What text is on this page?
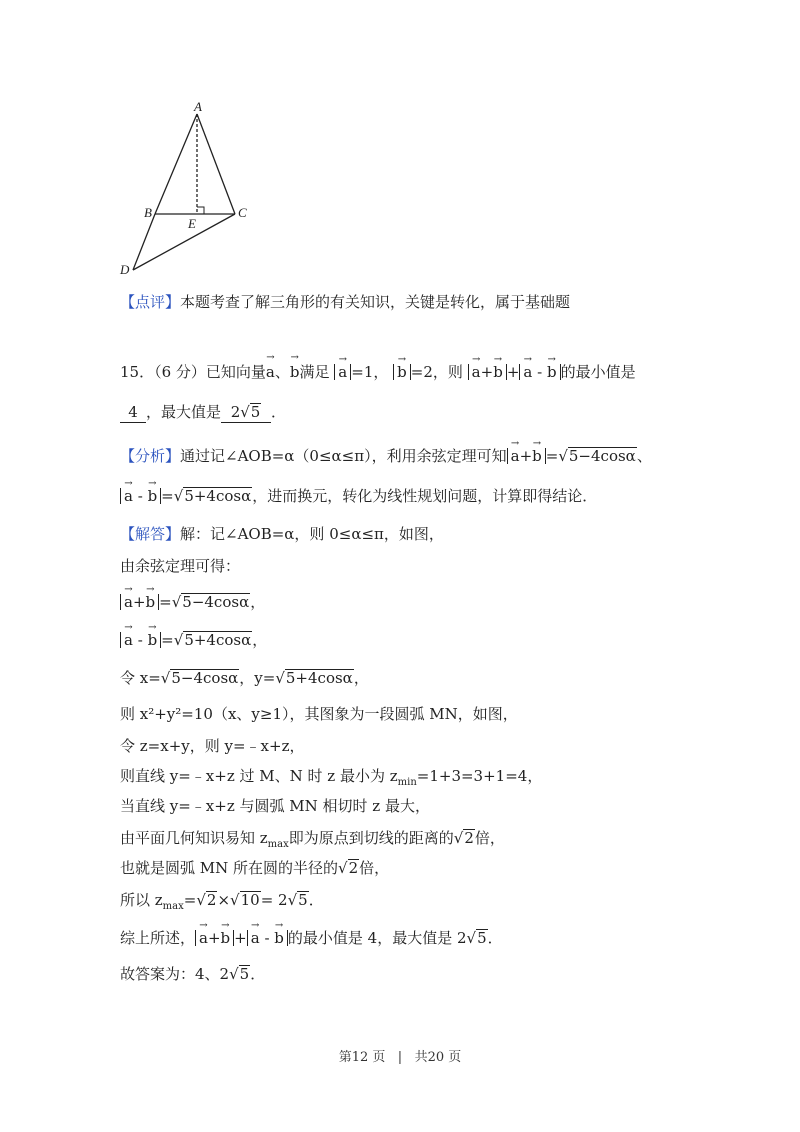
A
B	C
D
E
【点评】本题考查了解三角形的有关知识，关键是转化，属于基础题
15．（6 分）已知向量→ a、→ b满足 → a =1， → b =2，则 → a+→ b + → a - → b 的最小值是
4 ，最大值是 2√5 ．
【分析】通过记∠AOB=α（0≤α≤π），利用余弦定理可知 → a+→ b =√5−4cosα、
→ a - → b =√5+4cosα，进而换元，转化为线性规划问题，计算即得结论．
【解答】解：记∠AOB=α，则 0≤α≤π，如图，
由余弦定理可得：
→ a+→ b =√5−4cosα，
→ a - → b =√5+4cosα，
令 x=√5−4cosα，y=√5+4cosα，
则 x²+y²=10（x、y≥1），其图象为一段圆弧 MN，如图，
令 z=x+y，则 y=﹣x+z，
则直线 y=﹣x+z 过 M、N 时 z 最小为 $z_{min}=1+3=3+1=4$，
当直线 y=﹣x+z 与圆弧 MN 相切时 z 最大，
由平面几何知识易知 $z_{max}$即为原点到切线的距离的√2倍，
也就是圆弧 MN 所在圆的半径的√2倍，
所以 $z_{max}=√2\times√10= 2√5$．
综上所述， → a+→ b + → a - → b 的最小值是 4，最大值是 2√5．
故答案为：4、2√5．
第12 页 | 共20 页
